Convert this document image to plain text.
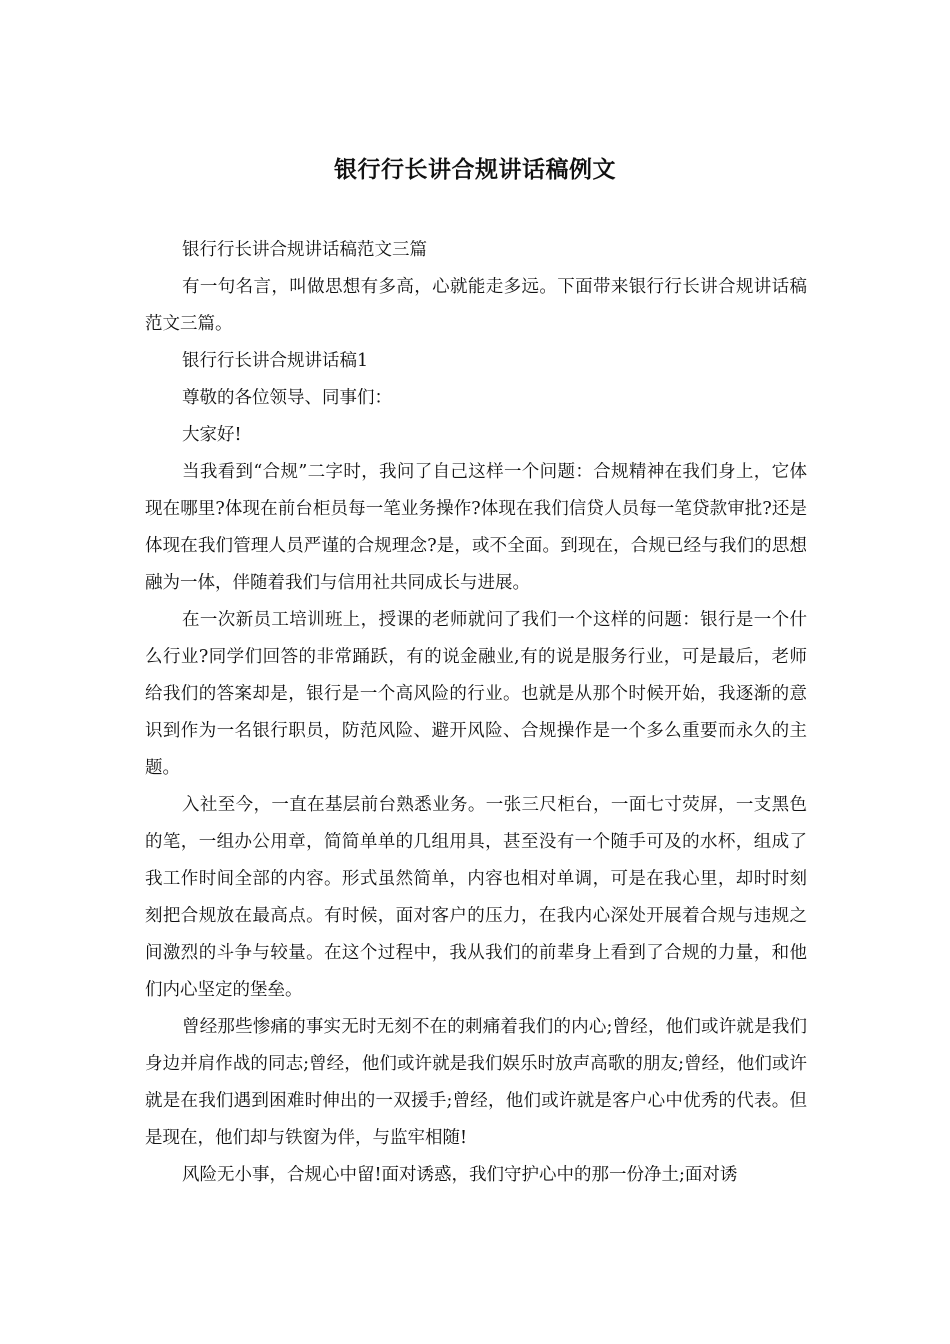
银行行长讲合规讲话稿例文

银行行长讲合规讲话稿范文三篇

有一句名言，叫做思想有多高，心就能走多远。下面带来银行行长讲合规讲话稿范文三篇。

银行行长讲合规讲话稿1

尊敬的各位领导、同事们：

大家好!

当我看到“合规”二字时，我问了自己这样一个问题：合规精神在我们身上，它体现在哪里?体现在前台柜员每一笔业务操作?体现在我们信贷人员每一笔贷款审批?还是体现在我们管理人员严谨的合规理念?是，或不全面。到现在，合规已经与我们的思想融为一体，伴随着我们与信用社共同成长与进展。

在一次新员工培训班上，授课的老师就问了我们一个这样的问题：银行是一个什么行业?同学们回答的非常踊跃，有的说金融业,有的说是服务行业，可是最后，老师给我们的答案却是，银行是一个高风险的行业。也就是从那个时候开始，我逐渐的意识到作为一名银行职员，防范风险、避开风险、合规操作是一个多么重要而永久的主题。

入社至今，一直在基层前台熟悉业务。一张三尺柜台，一面七寸荧屏，一支黑色的笔，一组办公用章，简简单单的几组用具，甚至没有一个随手可及的水杯，组成了我工作时间全部的内容。形式虽然简单，内容也相对单调，可是在我心里，却时时刻刻把合规放在最高点。有时候，面对客户的压力，在我内心深处开展着合规与违规之间激烈的斗争与较量。在这个过程中，我从我们的前辈身上看到了合规的力量，和他们内心坚定的堡垒。

曾经那些惨痛的事实无时无刻不在的刺痛着我们的内心;曾经，他们或许就是我们身边并肩作战的同志;曾经，他们或许就是我们娱乐时放声高歌的朋友;曾经，他们或许就是在我们遇到困难时伸出的一双援手;曾经，他们或许就是客户心中优秀的代表。但是现在，他们却与铁窗为伴，与监牢相随!

风险无小事，合规心中留!面对诱惑，我们守护心中的那一份净土;面对诱
